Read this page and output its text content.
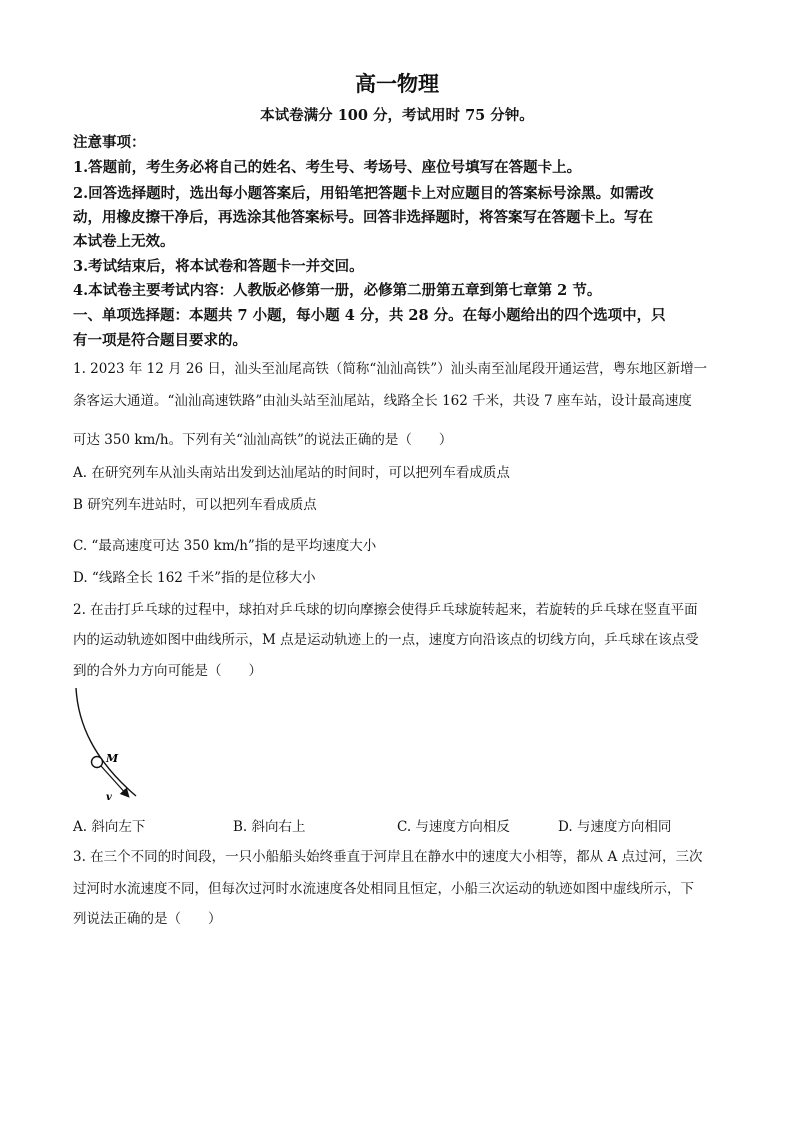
高一物理
本试卷满分 100 分，考试用时 75 分钟。
注意事项：
1.答题前，考生务必将自己的姓名、考生号、考场号、座位号填写在答题卡上。
2.回答选择题时，选出每小题答案后，用铅笔把答题卡上对应题目的答案标号涂黑。如需改
动，用橡皮擦干净后，再选涂其他答案标号。回答非选择题时，将答案写在答题卡上。写在
本试卷上无效。
3.考试结束后，将本试卷和答题卡一并交回。
4.本试卷主要考试内容：人教版必修第一册，必修第二册第五章到第七章第 2 节。
一、单项选择题：本题共 7 小题，每小题 4 分，共 28 分。在每小题给出的四个选项中，只
有一项是符合题目要求的。
1. 2023 年 12 月 26 日，汕头至汕尾高铁（简称“汕汕高铁”）汕头南至汕尾段开通运营，粤东地区新增一
条客运大通道。“汕汕高速铁路”由汕头站至汕尾站，线路全长 162 千米，共设 7 座车站，设计最高速度
可达 350 km/h。下列有关“汕汕高铁”的说法正确的是（　　）
A. 在研究列车从汕头南站出发到达汕尾站的时间时，可以把列车看成质点
B 研究列车进站时，可以把列车看成质点
C. “最高速度可达 350 km/h”指的是平均速度大小
D. “线路全长 162 千米”指的是位移大小
2. 在击打乒乓球的过程中，球拍对乒乓球的切向摩擦会使得乒乓球旋转起来，若旋转的乒乓球在竖直平面
内的运动轨迹如图中曲线所示，M 点是运动轨迹上的一点，速度方向沿该点的切线方向，乒乓球在该点受
到的合外力方向可能是（　　）
M
v
A. 斜向左下	B. 斜向右上	C. 与速度方向相反	D. 与速度方向相同
3. 在三个不同的时间段，一只小船船头始终垂直于河岸且在静水中的速度大小相等，都从 A 点过河，三次
过河时水流速度不同，但每次过河时水流速度各处相同且恒定，小船三次运动的轨迹如图中虚线所示，下
列说法正确的是（　　）
